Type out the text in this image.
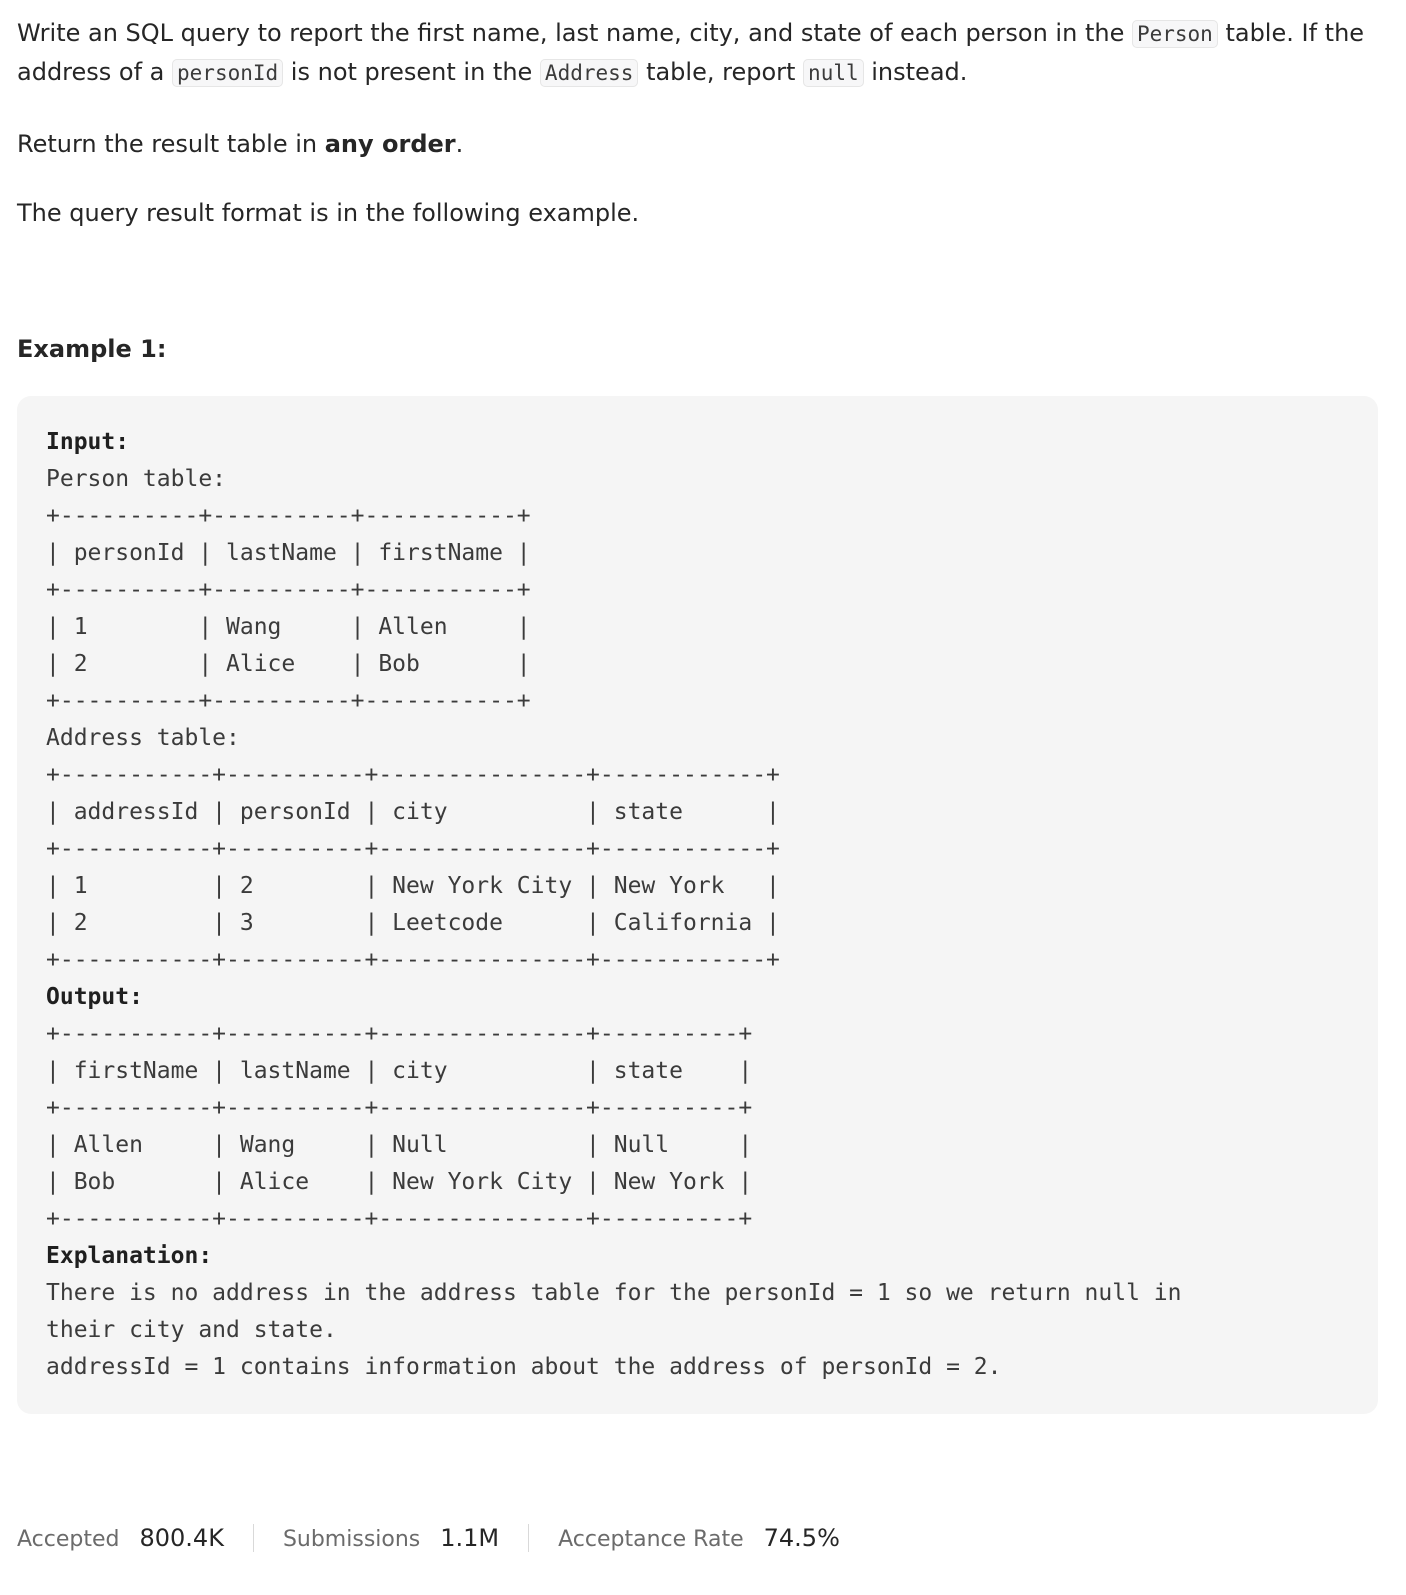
Write an SQL query to report the first name, last name, city, and state of each person in the Person table. If the address of a personId is not present in the Address table, report null instead.

Return the result table in any order.

The query result format is in the following example.

Example 1:

Input:
Person table:
+----------+----------+-----------+
| personId | lastName | firstName |
+----------+----------+-----------+
| 1        | Wang     | Allen     |
| 2        | Alice    | Bob       |
+----------+----------+-----------+
Address table:
+-----------+----------+---------------+------------+
| addressId | personId | city          | state      |
+-----------+----------+---------------+------------+
| 1         | 2        | New York City | New York   |
| 2         | 3        | Leetcode      | California |
+-----------+----------+---------------+------------+
Output:
+-----------+----------+---------------+----------+
| firstName | lastName | city          | state    |
+-----------+----------+---------------+----------+
| Allen     | Wang     | Null          | Null     |
| Bob       | Alice    | New York City | New York |
+-----------+----------+---------------+----------+
Explanation:
There is no address in the address table for the personId = 1 so we return null in
their city and state.
addressId = 1 contains information about the address of personId = 2.
Accepted 800.4K	Submissions 1.1M	Acceptance Rate 74.5%
